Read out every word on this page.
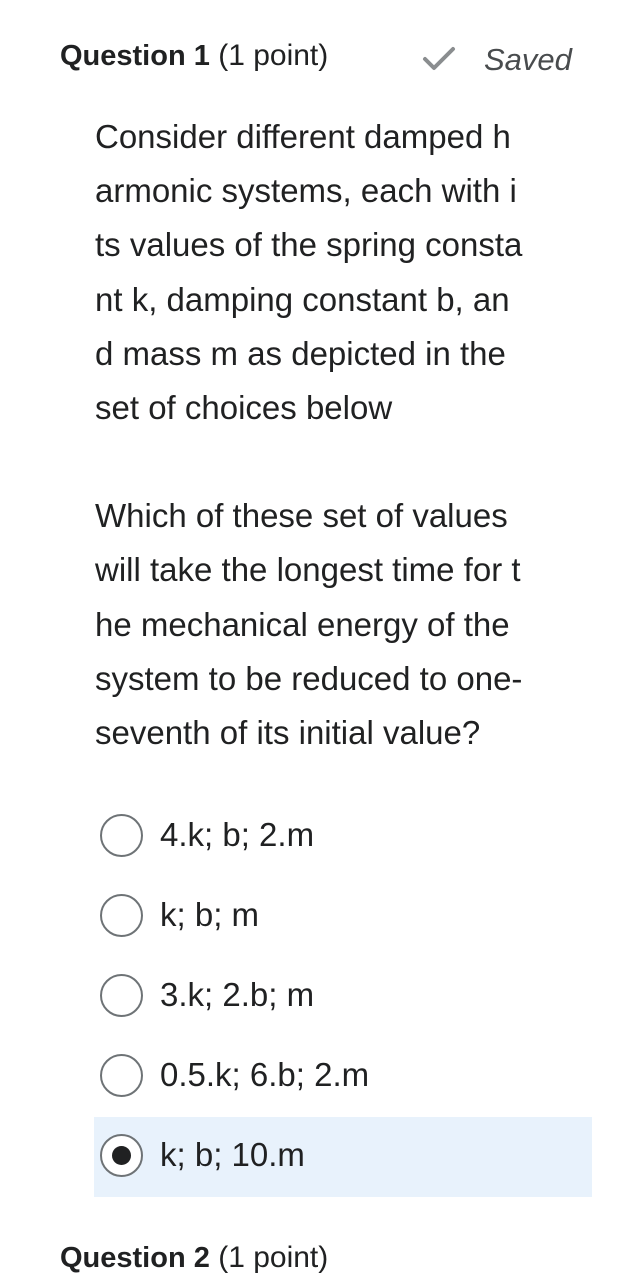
Question 1 (1 point)	Saved

Consider different damped h
armonic systems, each with i
ts values of the spring consta
nt k, damping constant b, an
d mass m as depicted in the
set of choices below

Which of these set of values
will take the longest time for t
he mechanical energy of the
system to be reduced to one-
seventh of its initial value?

4.k; b; 2.m
k; b; m
3.k; 2.b; m
0.5.k; 6.b; 2.m
k; b; 10.m
Question 2 (1 point)
